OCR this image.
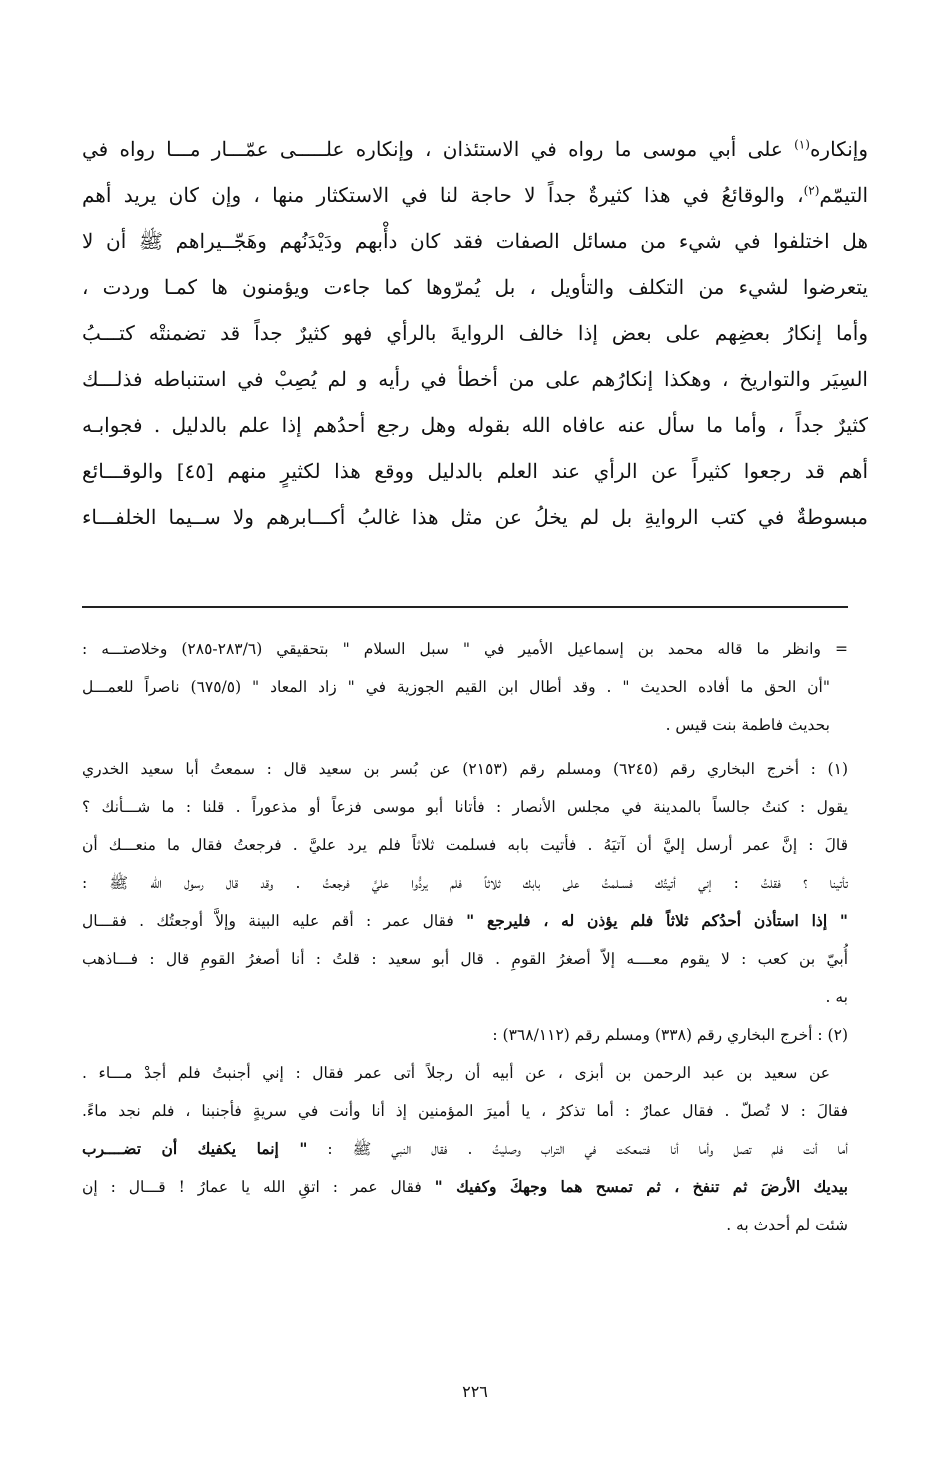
وإنكاره$^{(١)}$ على أبي موسى ما رواه في الاستئذان ، وإنكاره علـــــى عمّـــار مـــا رواه في
التيمّم$^{(٢)}$، والوقائعُ في هذا كثيرةٌ جداً لا حاجة لنا في الاستكثار منها ، وإن كان يريد أهم
هل اختلفوا في شيء من مسائل الصفات فقد كان دأْبهم ودَيْدَنُهم وهَجّــيراهم ﷺ أن لا
يتعرضوا لشيء من التكلف والتأويل ، بل يُمرّوها كما جاءت ويؤمنون ها كمـا وردت ،
وأما إنكارُ بعضِهم على بعض إذا خالف الروايةَ بالرأي فهو كثيرٌ جداً قد تضمنتْه كتـــبُ
السِيَر والتواريخ ، وهكذا إنكارُهم على من أخطأ في رأيه و لم يُصِبْ في استنباطه فذلـــك
كثيرٌ جداً ، وأما ما سأل عنه عافاه الله بقوله وهل رجع أحدُهم إذا علم بالدليل . فجوابـه
أهم قد رجعوا كثيراً عن الرأي عند العلم بالدليل ووقع هذا لكثيرٍ منهم [٤٥] والوقـــائع
مبسوطةٌ في كتب الروايةِ بل لم يخلُ عن مثل هذا غالبُ أكـــابرهم ولا ســيما الخلفـــاء
= وانظر ما قاله محمد بن إسماعيل الأمير في " سبل السلام " بتحقيقي (٢٨٣/٦-٢٨٥) وخلاصتـــه :
"أن الحق ما أفاده الحديث " . وقد أطال ابن القيم الجوزية في " زاد المعاد " (٦٧٥/٥) ناصراً للعمـــل
بحديث فاطمة بنت قيس .
(١) : أخرج البخاري رقم (٦٢٤٥) ومسلم رقم (٢١٥٣) عن بُسر بن سعيد قال : سمعتُ أبا سعيد الخدري
يقول : كنتُ جالساً بالمدينة في مجلس الأنصار : فأتانا أبو موسى فزعاً أو مذعوراً . قلنا : ما شـــأنك ؟
قالَ : إنَّ عمر أرسل إليَّ أن آتيَهُ . فأتيت بابه فسلمت ثلاثاً فلم يرد عليَّ . فرجعتُ فقال ما منعـــك أن
تأتينا ؟ فقلتُ : إني أتيتُك فسـلمتُ على بابك ثلاثاً فلم يردُّوا عليَّ فرجعتُ . وقد قال رسول الله ﷺ :
" إذا استأذن أحدُكم ثلاثاً فلم يؤذن له ، فليرجع " فقال عمر : أقم عليه البينة وإلاَّ أوجعتُك . فقـــال
أُبيّ بن كعب : لا يقوم معــــه إلاّ أصغرُ القومِ . قال أبو سعيد : قلتُ : أنا أصغرُ القومِ قال : فـــاذهب
به .
(٢) : أخرج البخاري رقم (٣٣٨) ومسلم رقم (٣٦٨/١١٢) :
عن سعيد بن عبد الرحمن بن أبزى ، عن أبيه أن رجلاً أتى عمر فقال : إني أجنبتُ فلم أجدْ مـــاء .
فقالَ : لا تُصلّ . فقال عمارٌ : أما تذكرُ ، يا أميرَ المؤمنين إذ أنا وأنت في سريةٍ فأجنبنا ، فلم نجد ماءً.
أما أنت فلم تصل وأما أنا فتمعكت في التراب وصليتُ . فقال النبي ﷺ : " إنما يكفيك أن تضــــرب
بيديك الأرضَ ثم تنفخ ، ثم تمسح هما وجهكَ وكفيك " فقال عمر : اتقِ الله يا عمارُ ! قـــال : إن
شئت لم أحدث به .
٢٢٦
